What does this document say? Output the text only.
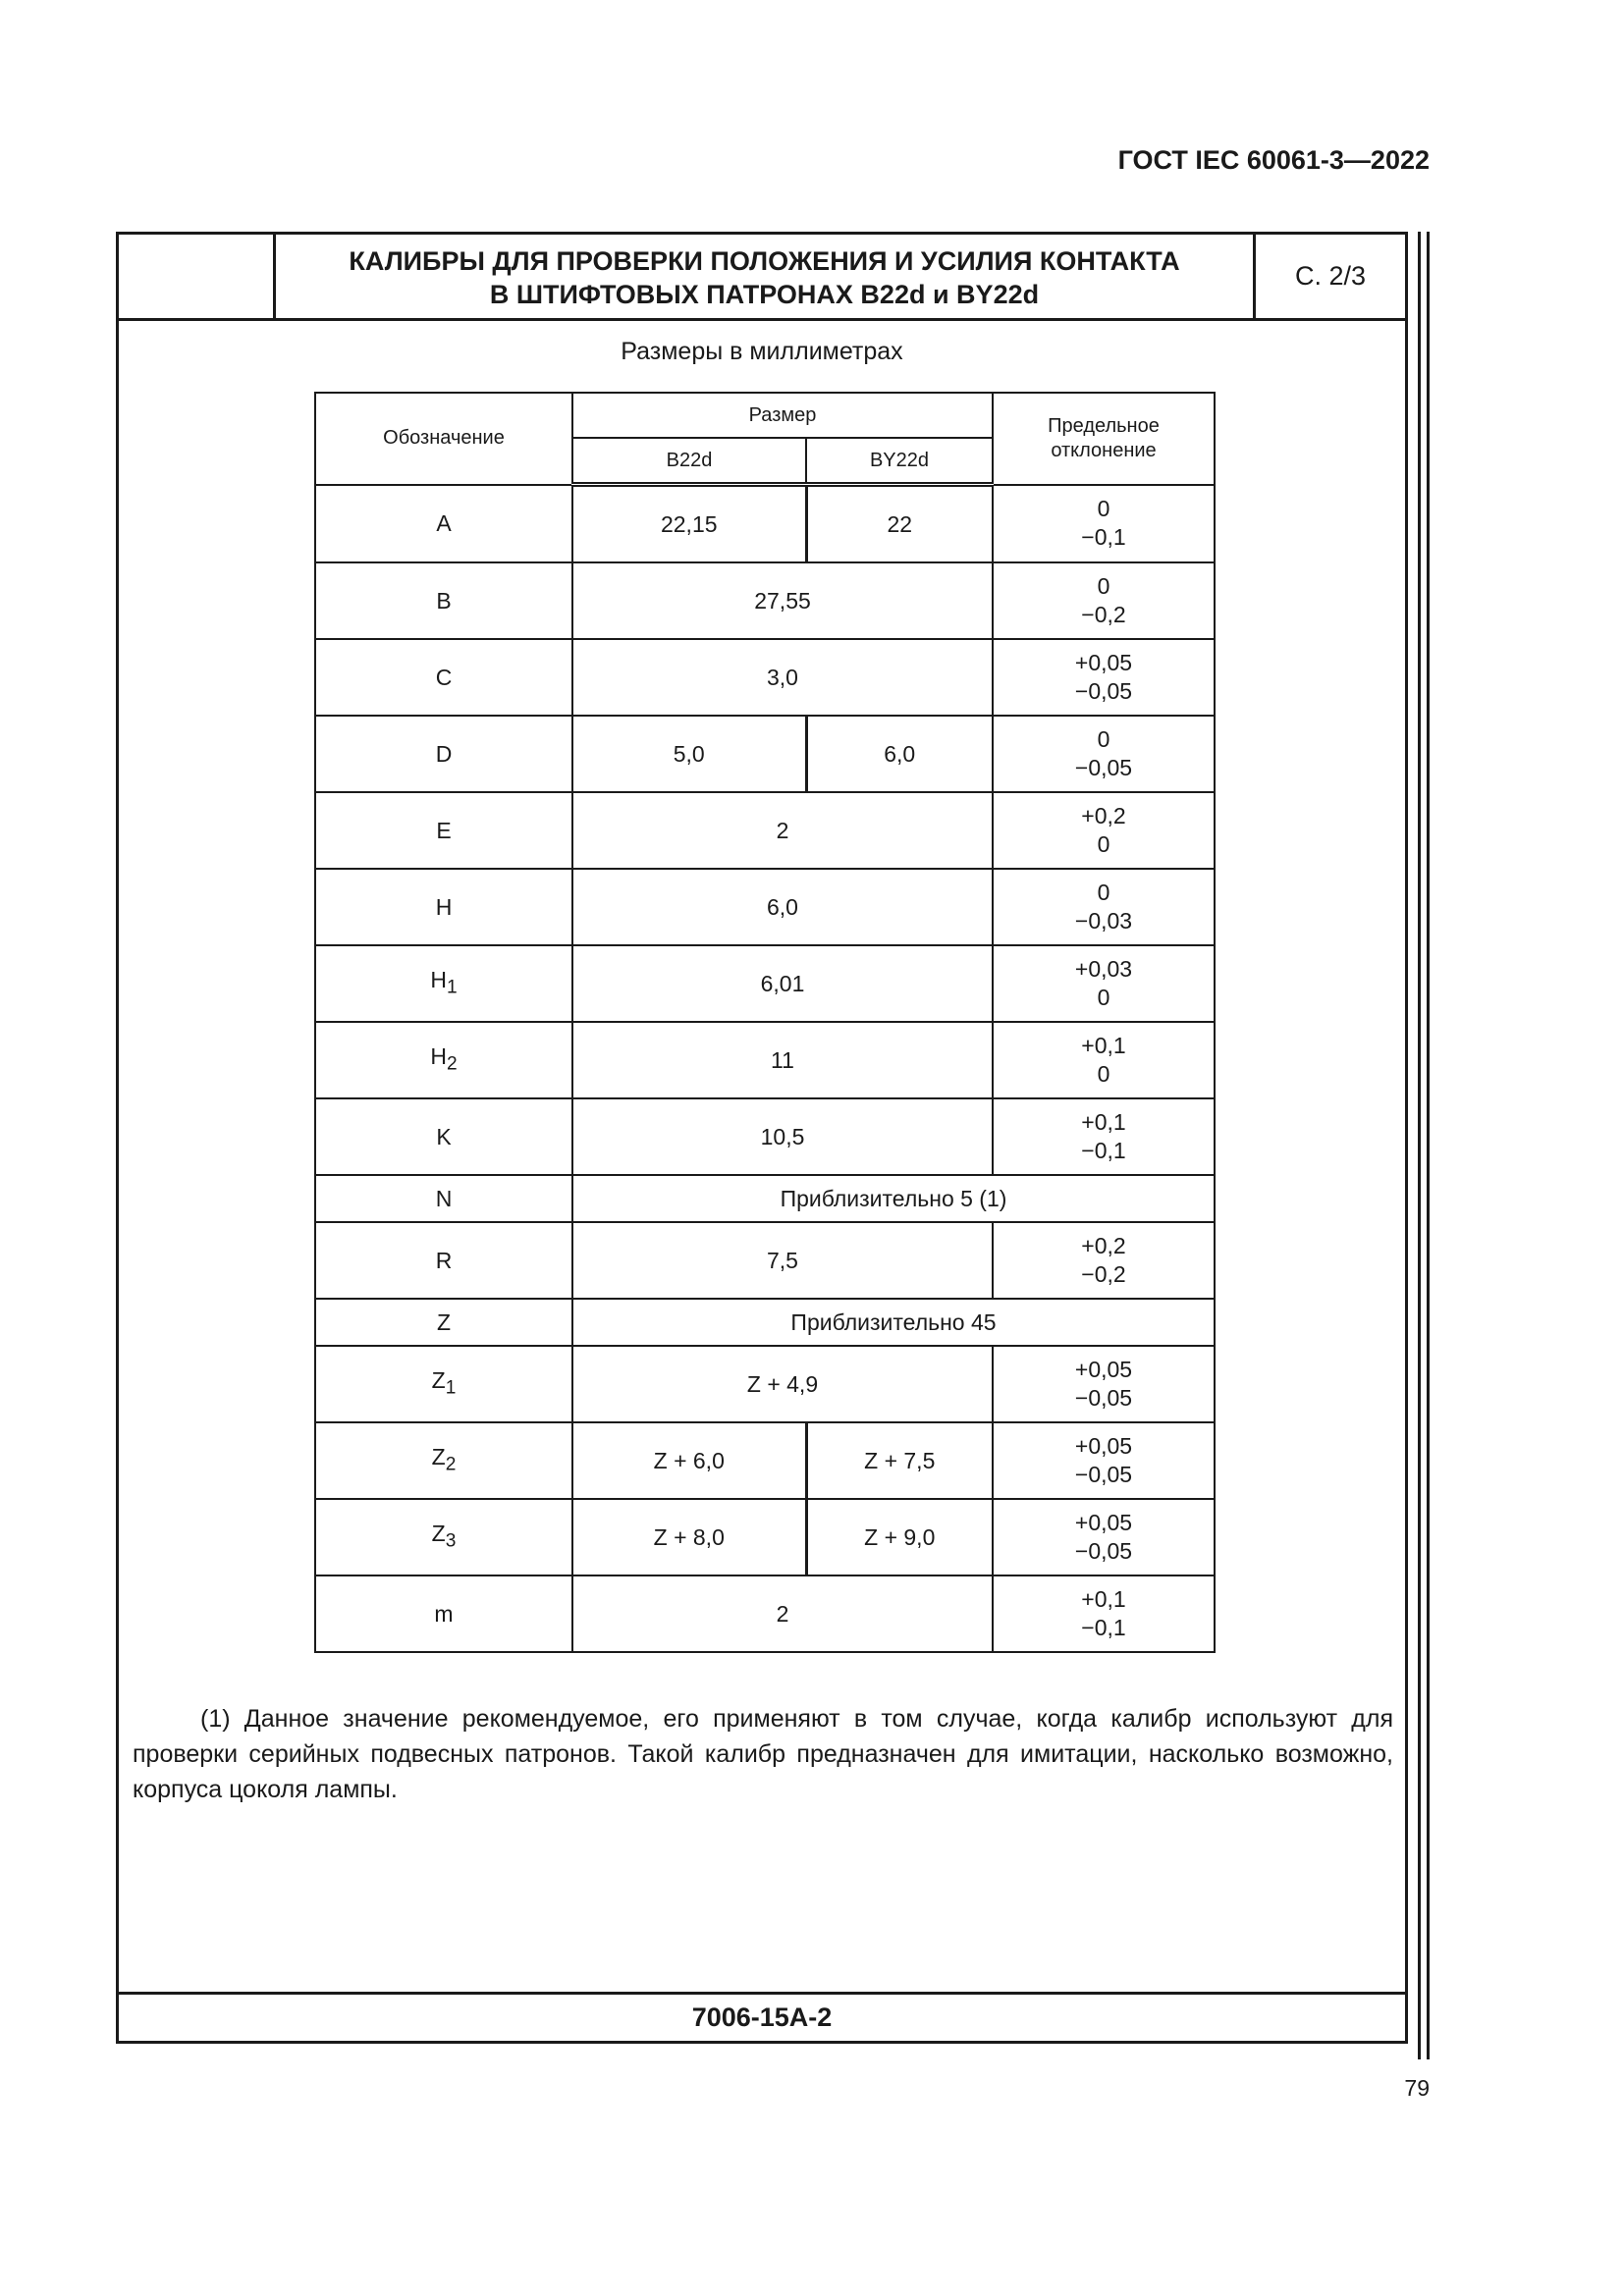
ГОСТ IEC 60061-3—2022
КАЛИБРЫ ДЛЯ ПРОВЕРКИ ПОЛОЖЕНИЯ И УСИЛИЯ КОНТАКТА
В ШТИФТОВЫХ ПАТРОНАХ B22d и BY22d
С. 2/3
Размеры в миллиметрах
Обозначение	Размер		Предельное отклонение
	B22d	BY22d	
A	22,15	22	0
−0,1

B	27,55		0
−0,2

C	3,0		+0,05
−0,05

D	5,0	6,0	0
−0,05

E	2		+0,2
0

H	6,0		0
−0,03

$H_1$	6,01		+0,03
0

$H_2$	11		+0,1
0

K	10,5		+0,1
−0,1

N	Приблизительно 5 (1)		
R	7,5		+0,2
−0,2

Z	Приблизительно 45		
$Z_1$	Z + 4,9		+0,05
−0,05

$Z_2$	Z + 6,0	Z + 7,5	+0,05
−0,05

$Z_3$	Z + 8,0	Z + 9,0	+0,05
−0,05

m	2		+0,1
−0,1
(1) Данное значение рекомендуемое, его применяют в том случае, когда калибр используют для проверки серийных подвесных патронов. Такой калибр предназначен для имитации, насколько возможно, корпуса цоколя лампы.
7006-15A-2
79
